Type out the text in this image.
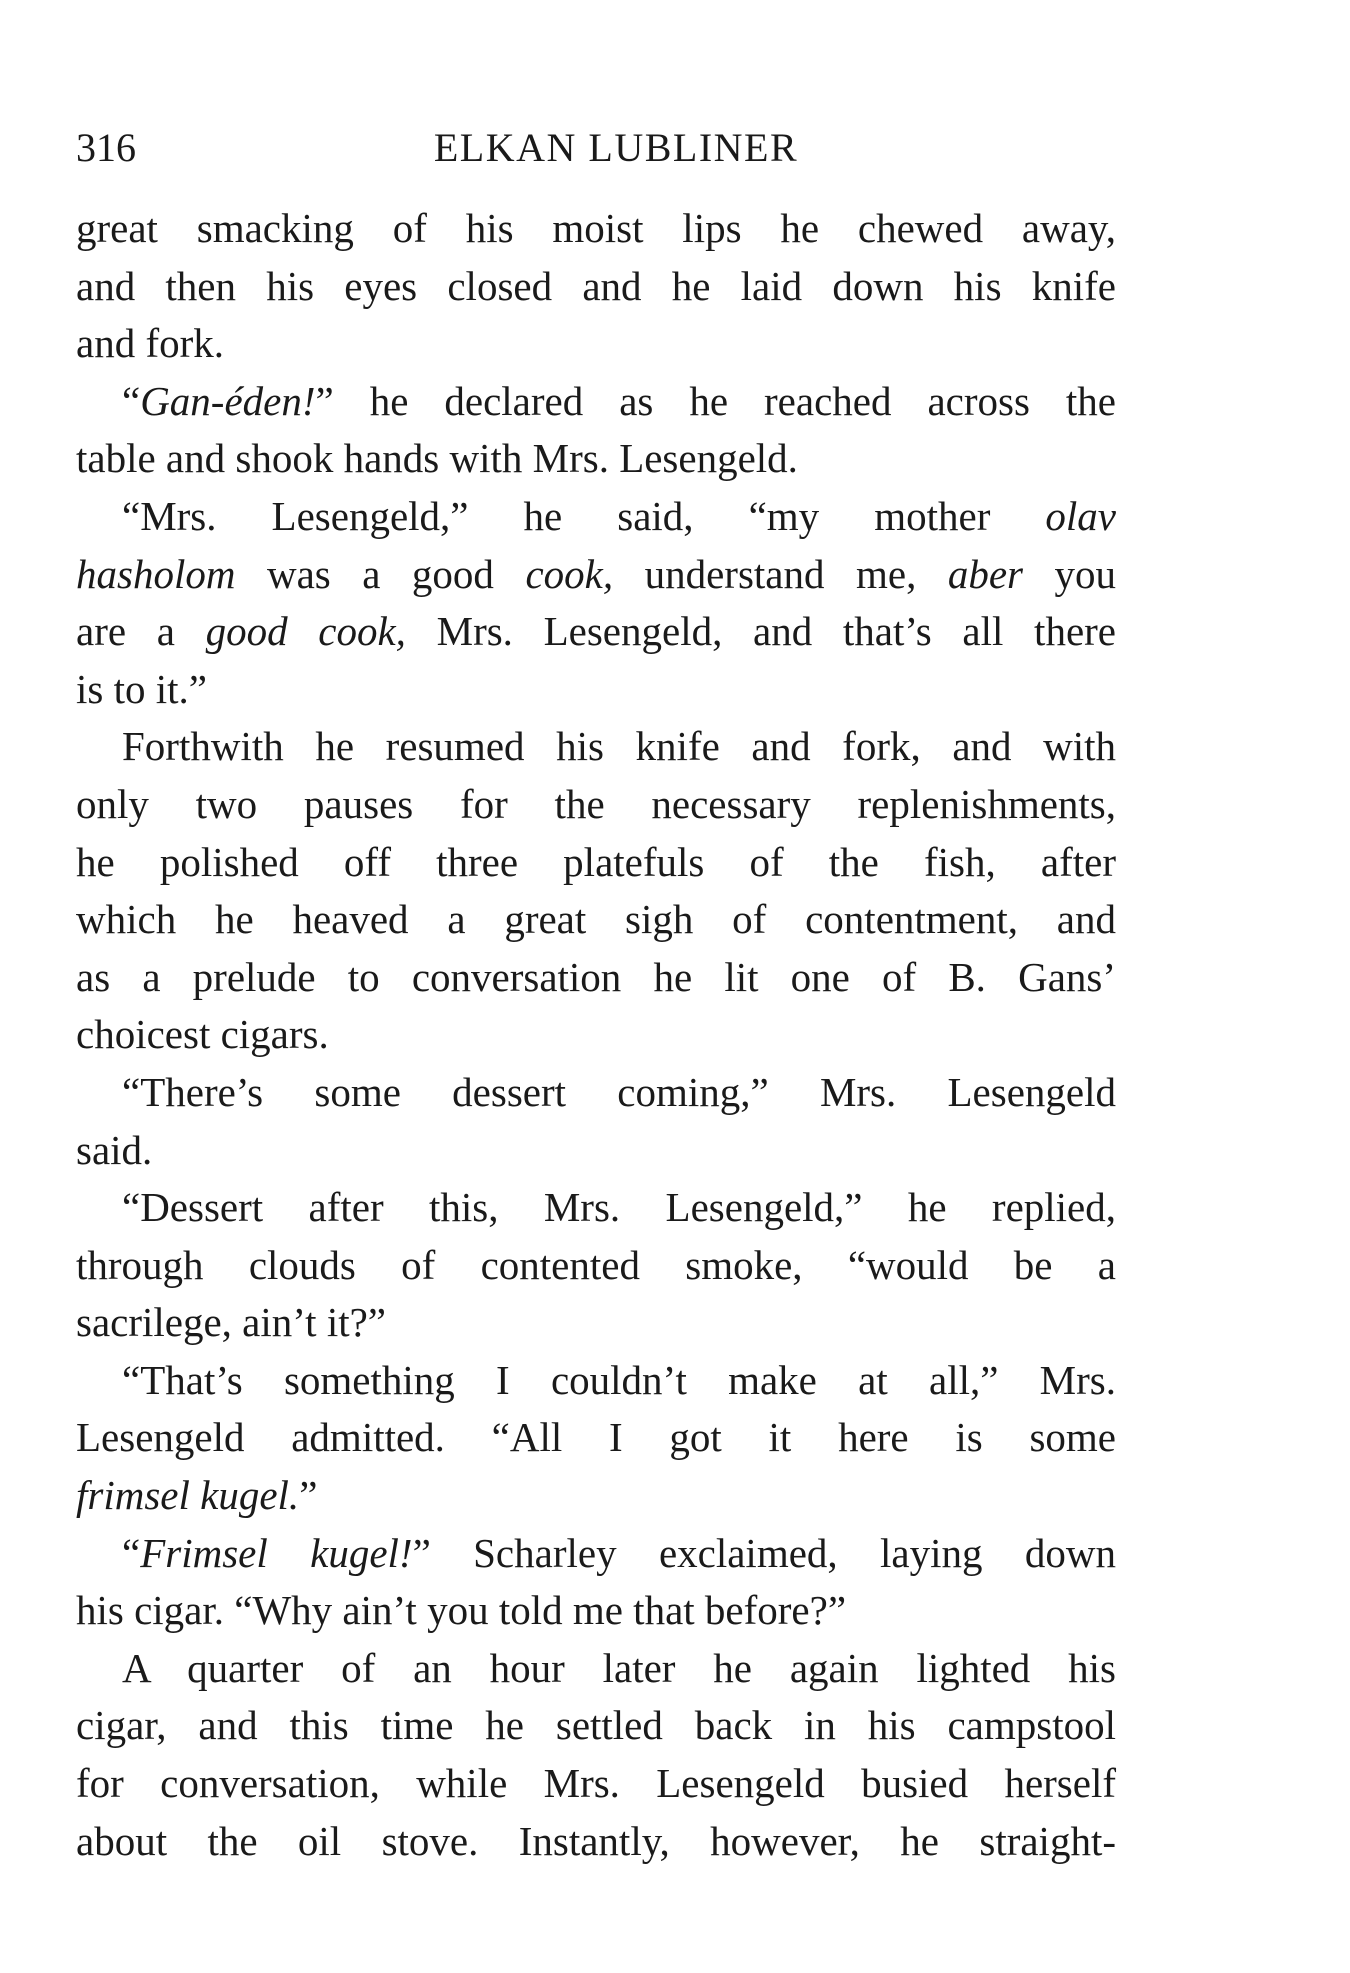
316	ELKAN LUBLINER
great smacking of his moist lips he chewed away,
and then his eyes closed and he laid down his knife
and fork.
“Gan-éden!” he declared as he reached across the
table and shook hands with Mrs. Lesengeld.
“Mrs. Lesengeld,” he said, “my mother olav
hasholom was a good cook, understand me, aber you
are a good cook, Mrs. Lesengeld, and that’s all there
is to it.”
Forthwith he resumed his knife and fork, and with
only two pauses for the necessary replenishments,
he polished off three platefuls of the fish, after
which he heaved a great sigh of contentment, and
as a prelude to conversation he lit one of B. Gans’
choicest cigars.
“There’s some dessert coming,” Mrs. Lesengeld
said.
“Dessert after this, Mrs. Lesengeld,” he replied,
through clouds of contented smoke, “would be a
sacrilege, ain’t it?”
“That’s something I couldn’t make at all,” Mrs.
Lesengeld admitted. “All I got it here is some
frimsel kugel.”
“Frimsel kugel!” Scharley exclaimed, laying down
his cigar. “Why ain’t you told me that before?”
A quarter of an hour later he again lighted his
cigar, and this time he settled back in his campstool
for conversation, while Mrs. Lesengeld busied herself
about the oil stove. Instantly, however, he straight-
